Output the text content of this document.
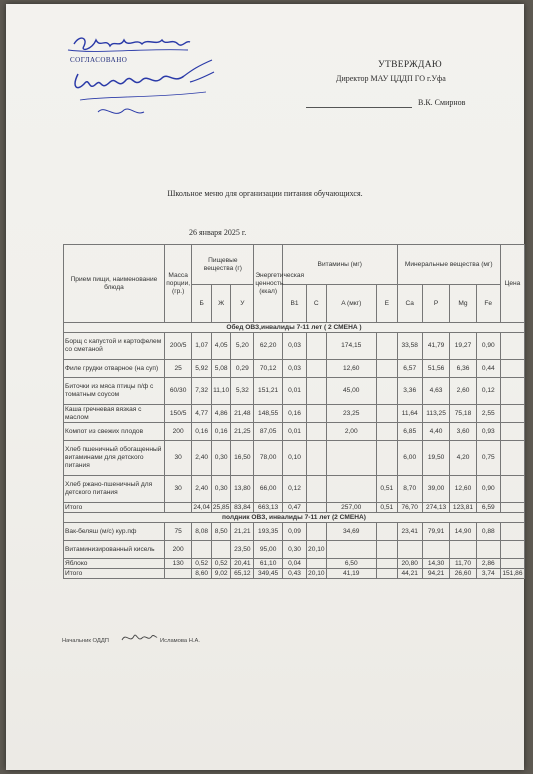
СОГЛАСОВАНО	УТВЕРЖДАЮ
Директор МАУ ЦДДП ГО г.Уфа
В.К. Смирнов
Школьное меню для организации питания обучающихся.
26 января 2025 г.
Прием пищи, наименование блюда	Масса порции, (гр.)	Пищевые вещества (г)			Энергетическая ценность (ккал)	Витамины (мг)				Минеральные вещества (мг)				Цена
		Б	Ж	У		B1	C	A (мкг)	E	Ca	P	Mg	Fe	
Обед ОВЗ,инвалиды 7-11 лет ( 2 СМЕНА )														
Борщ с капустой и картофелем со сметаной	200/5	1,07	4,05	5,20	62,20	0,03		174,15		33,58	41,79	19,27	0,90	
Филе грудки отварное (на суп)	25	5,92	5,08	0,29	70,12	0,03		12,60		6,57	51,56	6,36	0,44	
Биточки из мяса птицы п/ф с томатным соусом	60/30	7,32	11,10	5,32	151,21	0,01		45,00		3,36	4,63	2,60	0,12	
Каша гречневая вязкая с маслом	150/5	4,77	4,86	21,48	148,55	0,16		23,25		11,64	113,25	75,18	2,55	
Компот из свежих плодов	200	0,16	0,16	21,25	87,05	0,01		2,00		6,85	4,40	3,60	0,93	
Хлеб пшеничный обогащенный витаминами для детского питания	30	2,40	0,30	16,50	78,00	0,10				6,00	19,50	4,20	0,75	
Хлеб ржано-пшеничный для детского питания	30	2,40	0,30	13,80	66,00	0,12			0,51	8,70	39,00	12,60	0,90	
Итого		24,04	25,85	83,84	663,13	0,47		257,00	0,51	76,70	274,13	123,81	6,59	
полдник ОВЗ, инвалиды 7-11 лет (2 СМЕНА)														
Вак-беляш (м/с) кур.пф	75	8,08	8,50	21,21	193,35	0,09		34,69		23,41	79,91	14,90	0,88	
Витаминизированный кисель	200			23,50	95,00	0,30	20,10							
Яблоко	130	0,52	0,52	20,41	61,10	0,04		6,50		20,80	14,30	11,70	2,86	
Итого		8,60	9,02	65,12	349,45	0,43	20,10	41,19		44,21	94,21	26,60	3,74	151,86
Начальник ОДДП	Исламова Н.А.
